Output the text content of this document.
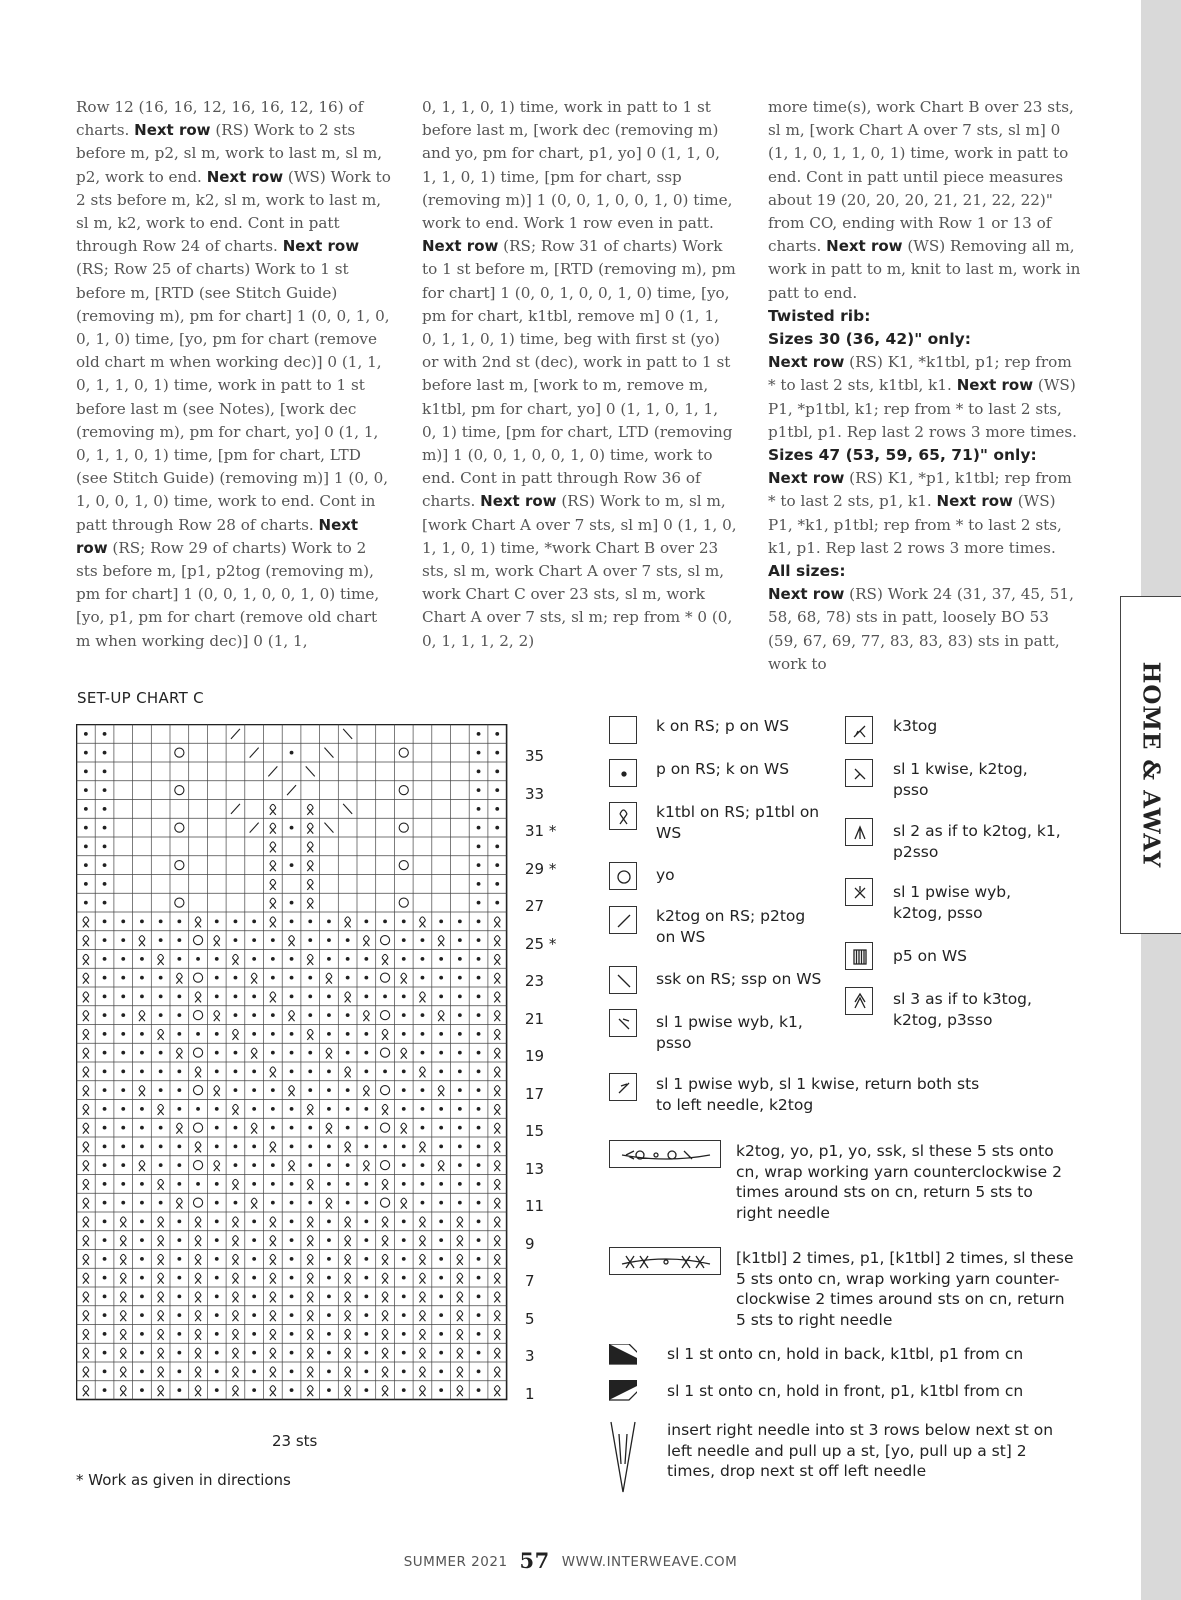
HOME & AWAY

Row 12 (16, 16, 12, 16, 16, 12, 16) of charts. Next row (RS) Work to 2 sts before m, p2, sl m, work to last m, sl m, p2, work to end. Next row (WS) Work to 2 sts before m, k2, sl m, work to last m, sl m, k2, work to end. Cont in patt through Row 24 of charts. Next row (RS; Row 25 of charts) Work to 1 st before m, [RTD (see Stitch Guide) (removing m), pm for chart] 1 (0, 0, 1, 0, 0, 1, 0) time, [yo, pm for chart (remove old chart m when working dec)] 0 (1, 1, 0, 1, 1, 0, 1) time, work in patt to 1 st before last m (see Notes), [work dec (removing m), pm for chart, yo] 0 (1, 1, 0, 1, 1, 0, 1) time, [pm for chart, LTD (see Stitch Guide) (removing m)] 1 (0, 0, 1, 0, 0, 1, 0) time, work to end. Cont in patt through Row 28 of charts. Next row (RS; Row 29 of charts) Work to 2 sts before m, [p1, p2tog (removing m), pm for chart] 1 (0, 0, 1, 0, 0, 1, 0) time, [yo, p1, pm for chart (remove old chart m when working dec)] 0 (1, 1,

0, 1, 1, 0, 1) time, work in patt to 1 st before last m, [work dec (removing m) and yo, pm for chart, p1, yo] 0 (1, 1, 0, 1, 1, 0, 1) time, [pm for chart, ssp (removing m)] 1 (0, 0, 1, 0, 0, 1, 0) time, work to end. Work 1 row even in patt. Next row (RS; Row 31 of charts) Work to 1 st before m, [RTD (removing m), pm for chart] 1 (0, 0, 1, 0, 0, 1, 0) time, [yo, pm for chart, k1tbl, remove m] 0 (1, 1, 0, 1, 1, 0, 1) time, beg with first st (yo) or with 2nd st (dec), work in patt to 1 st before last m, [work to m, remove m, k1tbl, pm for chart, yo] 0 (1, 1, 0, 1, 1, 0, 1) time, [pm for chart, LTD (removing m)] 1 (0, 0, 1, 0, 0, 1, 0) time, work to end. Cont in patt through Row 36 of charts. Next row (RS) Work to m, sl m, [work Chart A over 7 sts, sl m] 0 (1, 1, 0, 1, 1, 0, 1) time, *work Chart B over 23 sts, sl m, work Chart A over 7 sts, sl m, work Chart C over 23 sts, sl m, work Chart A over 7 sts, sl m; rep from * 0 (0, 0, 1, 1, 1, 2, 2)

more time(s), work Chart B over 23 sts, sl m, [work Chart A over 7 sts, sl m] 0 (1, 1, 0, 1, 1, 0, 1) time, work in patt to end. Cont in patt until piece measures about 19 (20, 20, 20, 21, 21, 22, 22)" from CO, ending with Row 1 or 13 of charts. Next row (WS) Removing all m, work in patt to m, knit to last m, work in patt to end.
Twisted rib:
Sizes 30 (36, 42)" only:
Next row (RS) K1, *k1tbl, p1; rep from * to last 2 sts, k1tbl, k1. Next row (WS) P1, *p1tbl, k1; rep from * to last 2 sts, p1tbl, p1. Rep last 2 rows 3 more times.
Sizes 47 (53, 59, 65, 71)" only:
Next row (RS) K1, *p1, k1tbl; rep from * to last 2 sts, p1, k1. Next row (WS) P1, *k1, p1tbl; rep from * to last 2 sts, k1, p1. Rep last 2 rows 3 more times.
All sizes:
Next row (RS) Work 24 (31, 37, 45, 51, 58, 68, 78) sts in patt, loosely BO 53 (59, 67, 69, 77, 83, 83, 83) sts in patt, work to

SET-UP CHART C
23 sts
* Work as given in directions
k on RS; p on WS
p on RS; k on WS
k1tbl on RS; p1tbl on WS
yo
k2tog on RS; p2tog on WS
ssk on RS; ssp on WS
sl 1 pwise wyb, k1, psso
sl 1 pwise wyb, sl 1 kwise, return both sts to left needle, k2tog
k2tog, yo, p1, yo, ssk, sl these 5 sts onto cn, wrap working yarn counterclockwise 2 times around sts on cn, return 5 sts to right needle
[k1tbl] 2 times, p1, [k1tbl] 2 times, sl these 5 sts onto cn, wrap working yarn counter-clockwise 2 times around sts on cn, return 5 sts to right needle
sl 1 st onto cn, hold in back, k1tbl, p1 from cn
sl 1 st onto cn, hold in front, p1, k1tbl from cn
insert right needle into st 3 rows below next st on left needle and pull up a st, [yo, pull up a st] 2 times, drop next st off left needle
k3tog
sl 1 kwise, k2tog, psso
sl 2 as if to k2tog, k1, p2sso
sl 1 pwise wyb, k2tog, psso
p5 on WS
sl 3 as if to k3tog, k2tog, p3sso
SUMMER 2021 57 WWW.INTERWEAVE.COM
35
33
31 *
29 *
27
25 *
23
21
19
17
15
13
11
9
7
5
3
1
